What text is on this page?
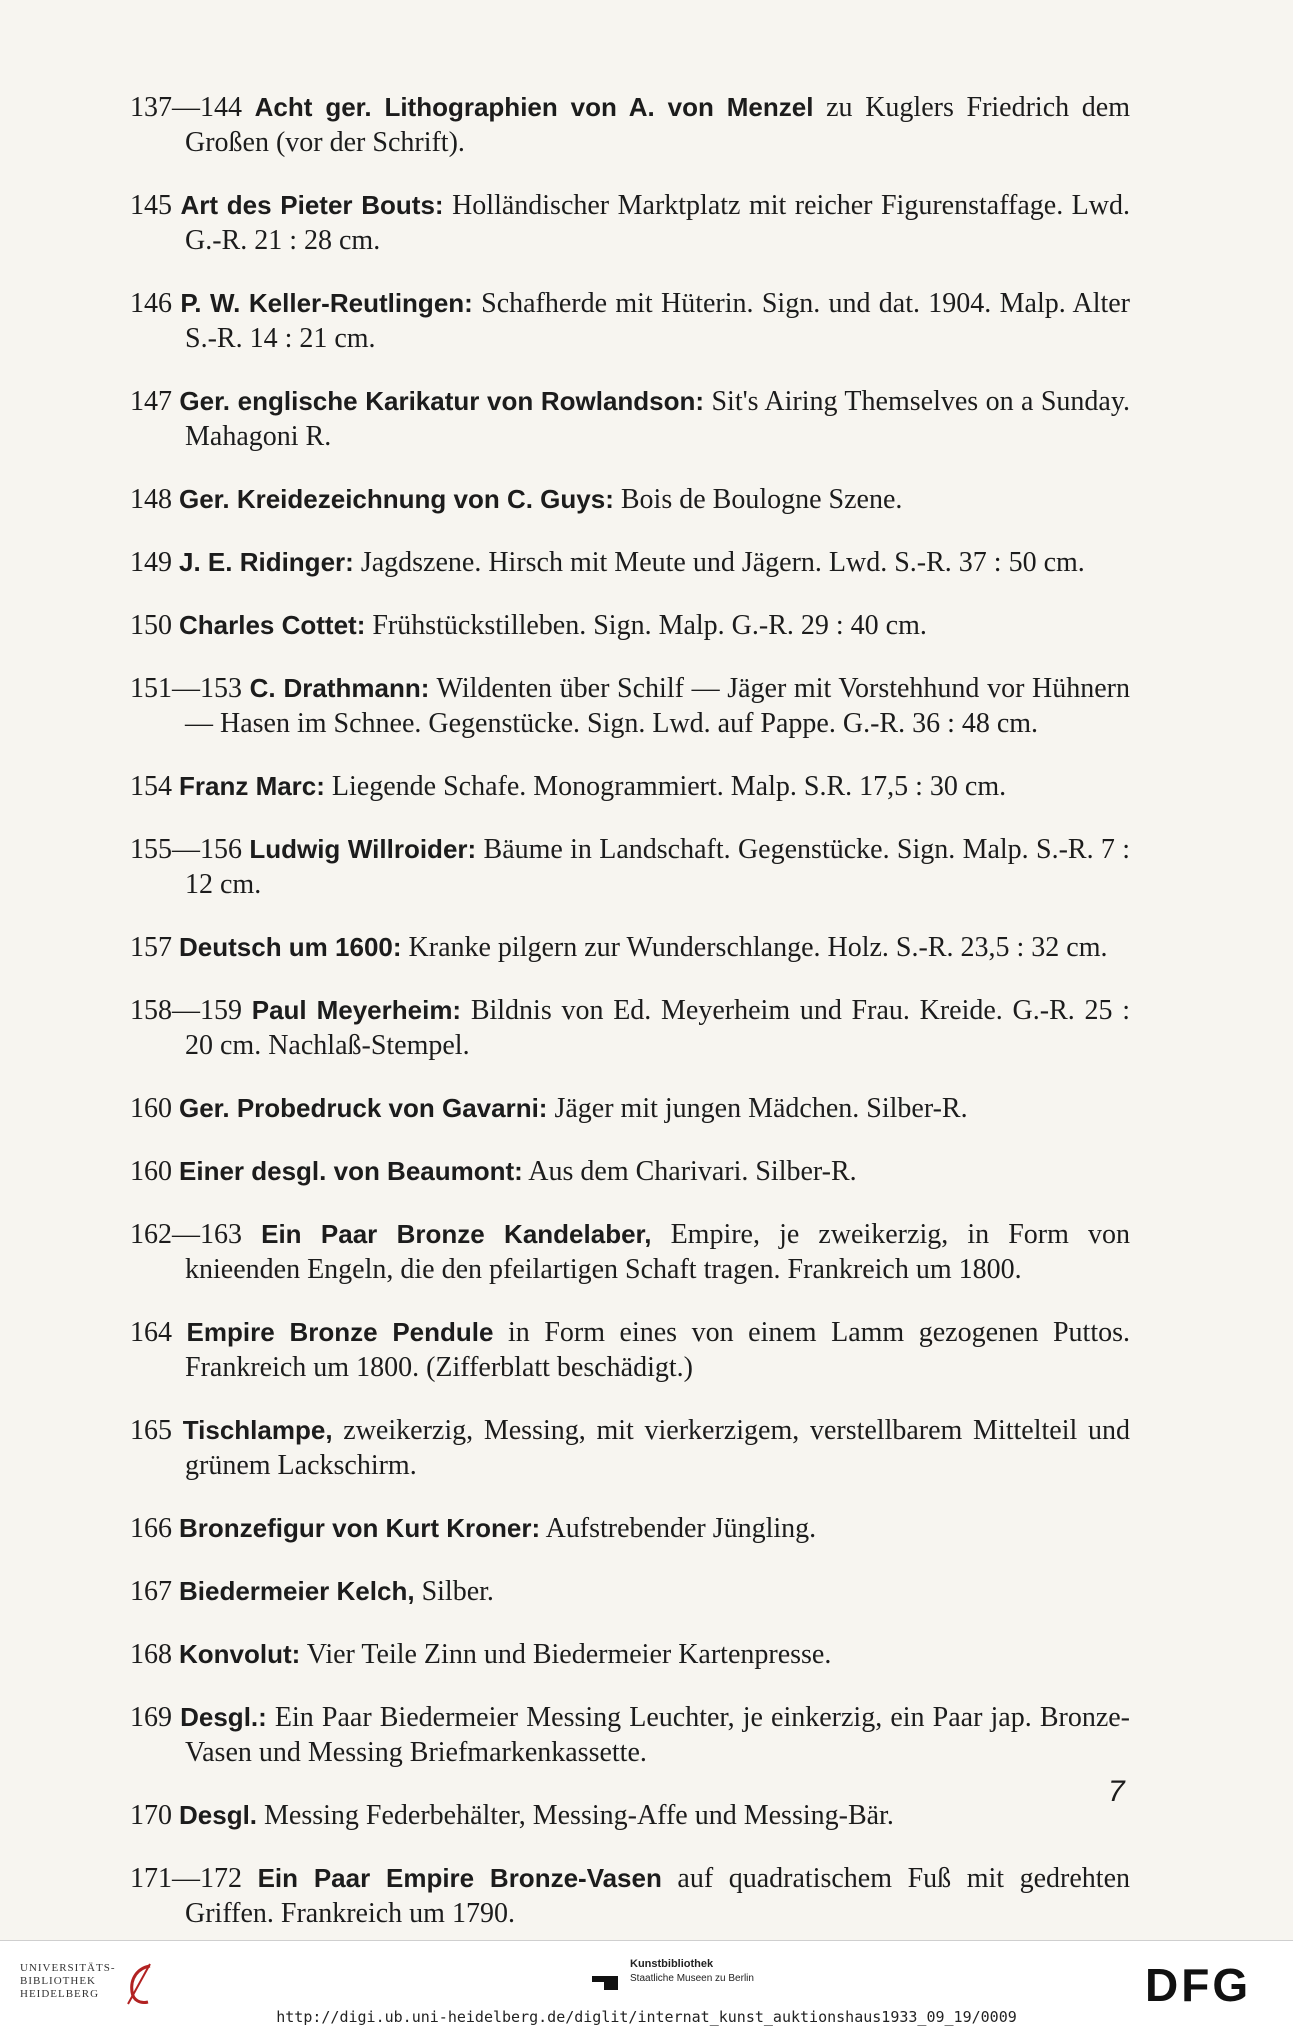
137—144 Acht ger. Lithographien von A. von Menzel zu Kuglers Friedrich dem Großen (vor der Schrift).

145 Art des Pieter Bouts: Holländischer Marktplatz mit reicher Figurenstaffage. Lwd. G.-R. 21 : 28 cm.

146 P. W. Keller-Reutlingen: Schafherde mit Hüterin. Sign. und dat. 1904. Malp. Alter S.-R. 14 : 21 cm.

147 Ger. englische Karikatur von Rowlandson: Sit's Airing Themselves on a Sunday. Mahagoni R.

148 Ger. Kreidezeichnung von C. Guys: Bois de Boulogne Szene.

149 J. E. Ridinger: Jagdszene. Hirsch mit Meute und Jägern. Lwd. S.-R. 37 : 50 cm.

150 Charles Cottet: Frühstückstilleben. Sign. Malp. G.-R. 29 : 40 cm.

151—153 C. Drathmann: Wildenten über Schilf — Jäger mit Vorstehhund vor Hühnern — Hasen im Schnee. Gegenstücke. Sign. Lwd. auf Pappe. G.-R. 36 : 48 cm.

154 Franz Marc: Liegende Schafe. Monogrammiert. Malp. S.R. 17,5 : 30 cm.

155—156 Ludwig Willroider: Bäume in Landschaft. Gegenstücke. Sign. Malp. S.-R. 7 : 12 cm.

157 Deutsch um 1600: Kranke pilgern zur Wunderschlange. Holz. S.-R. 23,5 : 32 cm.

158—159 Paul Meyerheim: Bildnis von Ed. Meyerheim und Frau. Kreide. G.-R. 25 : 20 cm. Nachlaß-Stempel.

160 Ger. Probedruck von Gavarni: Jäger mit jungen Mädchen. Silber-R.

160 Einer desgl. von Beaumont: Aus dem Charivari. Silber-R.

162—163 Ein Paar Bronze Kandelaber, Empire, je zweikerzig, in Form von knieenden Engeln, die den pfeilartigen Schaft tragen. Frankreich um 1800.

164 Empire Bronze Pendule in Form eines von einem Lamm gezogenen Puttos. Frankreich um 1800. (Zifferblatt beschädigt.)

165 Tischlampe, zweikerzig, Messing, mit vierkerzigem, verstellbarem Mittelteil und grünem Lackschirm.

166 Bronzefigur von Kurt Kroner: Aufstrebender Jüngling.

167 Biedermeier Kelch, Silber.

168 Konvolut: Vier Teile Zinn und Biedermeier Kartenpresse.

169 Desgl.: Ein Paar Biedermeier Messing Leuchter, je einkerzig, ein Paar jap. Bronze-Vasen und Messing Briefmarkenkassette.

170 Desgl. Messing Federbehälter, Messing-Affe und Messing-Bär.

171—172 Ein Paar Empire Bronze-Vasen auf quadratischem Fuß mit gedrehten Griffen. Frankreich um 1790.

7
UNIVERSITÄTS-
BIBLIOTHEK
HEIDELBERG
Kunstbibliothek
Staatliche Museen zu Berlin	DFG
http://digi.ub.uni-heidelberg.de/diglit/internat_kunst_auktionshaus1933_09_19/0009
